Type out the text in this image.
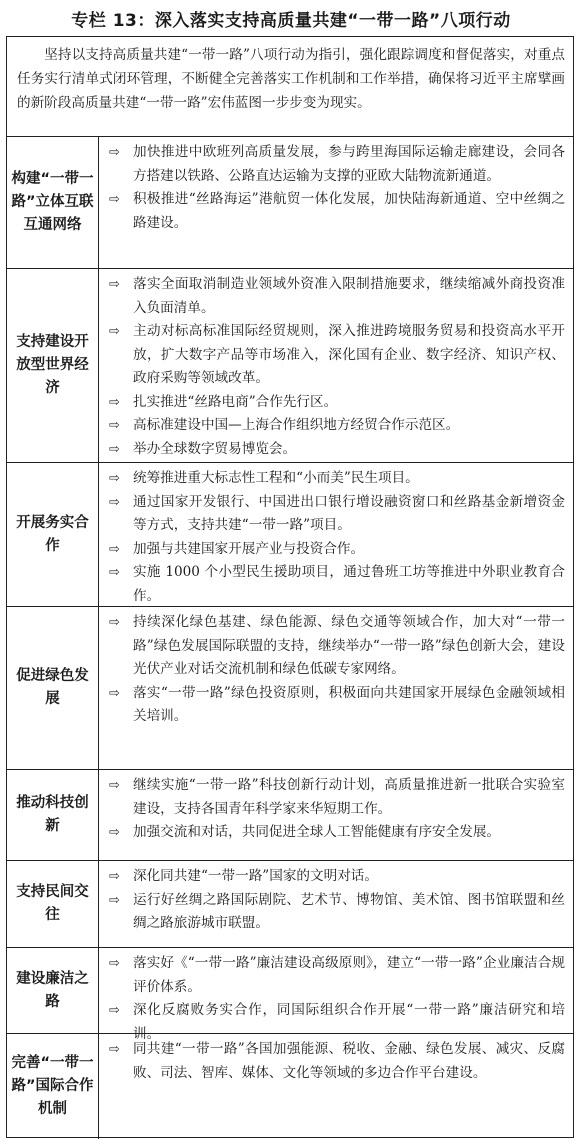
专栏 13：深入落实支持高质量共建“一带一路”八项行动
坚持以支持高质量共建“一带一路”八项行动为指引，强化跟踪调度和督促落实，对重点任务实行清单式闭环管理，不断健全完善落实工作机制和工作举措，确保将习近平主席擘画的新阶段高质量共建“一带一路”宏伟蓝图一步步变为现实。
构建“一带一路”立体互联互通网络
⇨ 加快推进中欧班列高质量发展，参与跨里海国际运输走廊建设，会同各方搭建以铁路、公路直达运输为支撑的亚欧大陆物流新通道。
⇨ 积极推进“丝路海运”港航贸一体化发展，加快陆海新通道、空中丝绸之路建设。
支持建设开放型世界经济
⇨ 落实全面取消制造业领域外资准入限制措施要求，继续缩减外商投资准入负面清单。
⇨ 主动对标高标准国际经贸规则，深入推进跨境服务贸易和投资高水平开放，扩大数字产品等市场准入，深化国有企业、数字经济、知识产权、政府采购等领域改革。
⇨ 扎实推进“丝路电商”合作先行区。
⇨ 高标准建设中国—上海合作组织地方经贸合作示范区。
⇨ 举办全球数字贸易博览会。
开展务实合作
⇨ 统筹推进重大标志性工程和“小而美”民生项目。
⇨ 通过国家开发银行、中国进出口银行增设融资窗口和丝路基金新增资金等方式，支持共建“一带一路”项目。
⇨ 加强与共建国家开展产业与投资合作。
⇨ 实施 1000 个小型民生援助项目，通过鲁班工坊等推进中外职业教育合作。
促进绿色发展
⇨ 持续深化绿色基建、绿色能源、绿色交通等领域合作，加大对“一带一路”绿色发展国际联盟的支持，继续举办“一带一路”绿色创新大会，建设光伏产业对话交流机制和绿色低碳专家网络。
⇨ 落实“一带一路”绿色投资原则，积极面向共建国家开展绿色金融领域相关培训。
推动科技创新
⇨ 继续实施“一带一路”科技创新行动计划，高质量推进新一批联合实验室建设，支持各国青年科学家来华短期工作。
⇨ 加强交流和对话，共同促进全球人工智能健康有序安全发展。
支持民间交往
⇨ 深化同共建“一带一路”国家的文明对话。
⇨ 运行好丝绸之路国际剧院、艺术节、博物馆、美术馆、图书馆联盟和丝绸之路旅游城市联盟。
建设廉洁之路
⇨ 落实好《“一带一路”廉洁建设高级原则》，建立“一带一路”企业廉洁合规评价体系。
⇨ 深化反腐败务实合作，同国际组织合作开展“一带一路”廉洁研究和培训。
完善“一带一路”国际合作机制
⇨ 同共建“一带一路”各国加强能源、税收、金融、绿色发展、减灾、反腐败、司法、智库、媒体、文化等领域的多边合作平台建设。
